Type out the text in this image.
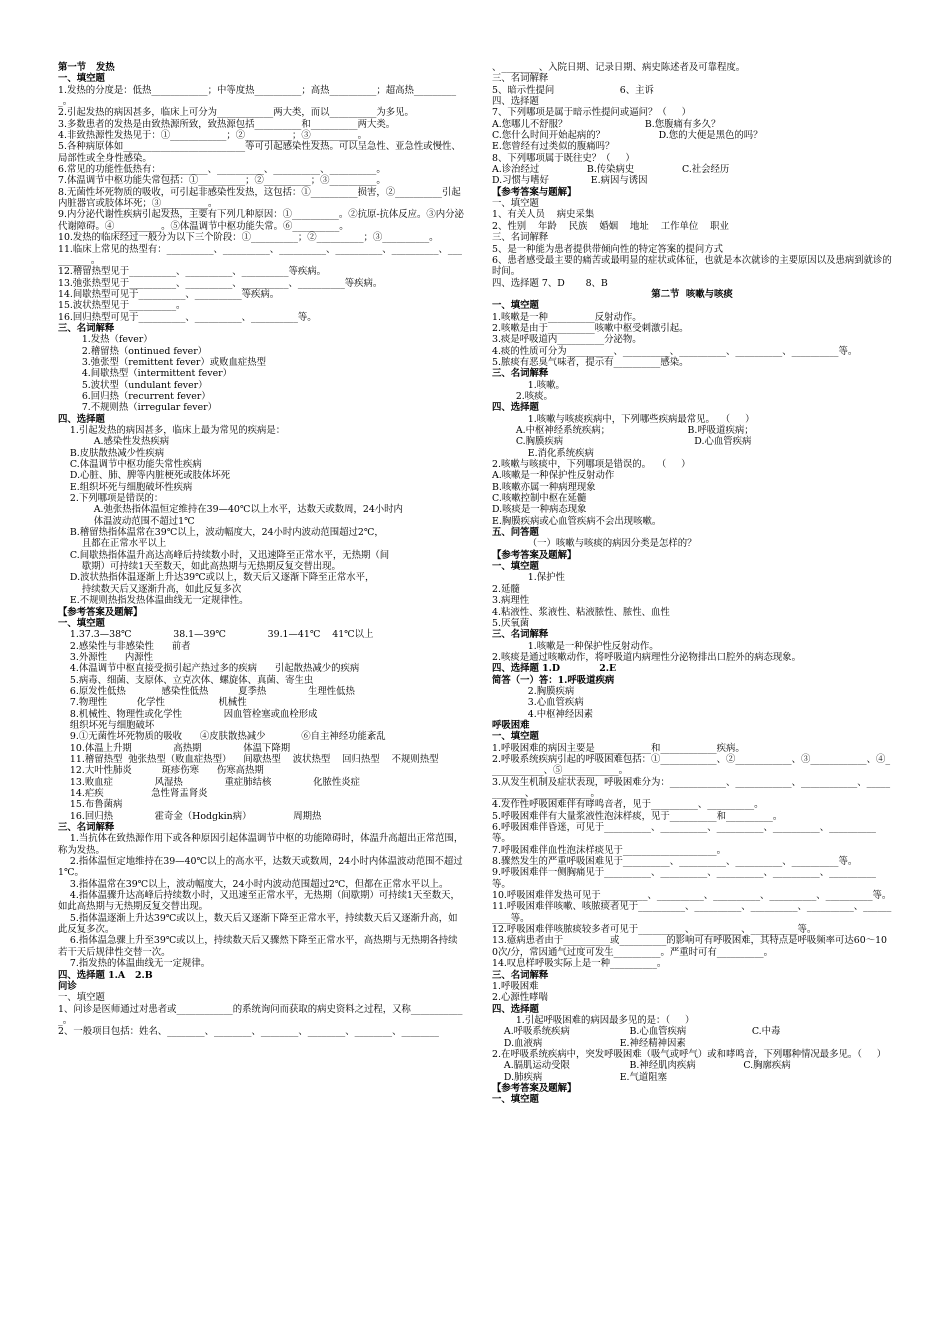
第一节   发热

一、填空题

1.发热的分度是：低热____________；中等度热__________；高热__________；超高热__________。

2.引起发热的病因甚多，临床上可分为____________两大类，而以__________为多见。

3.多数患者的发热是由致热源所致，致热源包括__________和__________两大类。

4.非致热源性发热见于：①____________；②__________；③__________。

5.各种病原体如__________________________等可引起感染性发热。可以呈急性、亚急性或慢性、局部性或全身性感染。

6.常见的功能性低热有：__________、__________、__________、__________。

7.体温调节中枢功能失常包括：①__________；②__________；③__________。

8.无菌性坏死物质的吸收，可引起非感染性发热，这包括：①__________损害，②__________引起内脏器官或肢体坏死；③__________。

9.内分泌代谢性疾病引起发热，主要有下列几种原因：①__________。②抗原-抗体反应。③内分泌代谢障碍。④__________。⑤体温调节中枢功能失常。⑥__________。

10.发热的临床经过一般分为以下三个阶段：①__________；②__________；③__________。

11.临床上常见的热型有：__________、__________、__________、__________、__________、__________。

12.稽留热型见于__________、__________、__________等疾病。

13.弛张热型见于__________、__________、__________、__________等疾病。

14.间歇热型可见于__________、__________等疾病。

15.波状热型见于__________。

16.回归热型可见于__________、__________、__________等。

三、名词解释

1.发热（fever）

2.稽留热（ontinued fever）

3.弛张型（remittent fever）或败血症热型

4.间歇热型（intermittent fever）

5.波状型（undulant fever）

6.回归热（recurrent fever）

7.不规则热（irregular fever）

四、选择题

1.引起发热的病因甚多，临床上最为常见的疾病是：

A.感染性发热疾病

B.皮肤散热减少性疾病

C.体温调节中枢功能失常性疾病

D.心脏、肺、脾等内脏梗死或肢体坏死

E.组织坏死与细胞破坏性疾病

2.下列哪项是错误的：

A.弛张热指体温恒定维持在39—40℃以上水平，达数天或数周，24小时内

体温波动范围不超过1℃

B.稽留热指体温常在39℃以上，波动幅度大，24小时内波动范围超过2℃，

且都在正常水平以上

C.间歇热指体温升高达高峰后持续数小时，又迅速降至正常水平，无热期（间

歇期）可持续1天至数天，如此高热期与无热期反复交替出现。

D.波状热指体温逐渐上升达39℃或以上，数天后又逐渐下降至正常水平，

持续数天后又逐渐升高，如此反复多次

E.不规则热指发热体温曲线无一定规律性。

【参考答案及题解】

一、填空题

1.37.3—38℃              38.1—39℃              39.1—41℃    41℃以上

2.感染性与非感染性      前者

3.外源性      内源性

4.体温调节中枢直接受损引起产热过多的疾病      引起散热减少的疾病

5.病毒、细菌、支原体、立克次体、螺旋体、真菌、寄生虫

6.原发性低热            感染性低热          夏季热              生理性低热

7.物理性          化学性                  机械性

8.机械性、物理性或化学性              因血管栓塞或血栓形成

组织坏死与细胞破坏

9.①无菌性坏死物质的吸收      ④皮肤散热减少            ⑥自主神经功能紊乱

10.体温上升期              高热期              体温下降期

11.稽留热型  弛张热型（败血症热型）    间歇热型    波状热型    回归热型    不规则热型

12.大叶性肺炎          斑疹伤寒      伤寒高热期

13.败血症              风湿热              重症肺结核              化脓性炎症

14.疟疾                急性肾盂肾炎

15.布鲁菌病

16.回归热              霍奇金（Hodgkin病）              周期热

三、名词解释

1.当抗体在致热源作用下或各种原因引起体温调节中枢的功能障碍时，体温升高超出正常范围，称为发热。

2.指体温恒定地维持在39—40℃以上的高水平，达数天或数周，24小时内体温波动范围不超过1℃。

3.指体温常在39℃以上，波动幅度大，24小时内波动范围超过2℃，但都在正常水平以上。

4.指体温骤升达高峰后持续数小时，又迅速至正常水平，无热期（间歇期）可持续1天至数天，如此高热期与无热期反复交替出现。

5.指体温逐渐上升达39℃或以上，数天后又逐渐下降至正常水平，持续数天后又逐渐升高，如此反复多次。

6.指体温急骤上升至39℃或以上，持续数天后又骤然下降至正常水平，高热期与无热期各持续若干天后规律性交替一次。

7.指发热的体温曲线无一定规律。

四、选择题 1.A   2.B

问诊

一、填空题

1、问诊是医师通过对患者或____________的系统询问而获取的病史资料之过程，又称____________。

2、一般项目包括：姓名、________、________、________、________、________、________

、________、入院日期、记录日期、病史陈述者及可靠程度。

三、名词解释

5、暗示性提问                      6、主诉

四、选择题

7、下列哪项是属于暗示性提问或逼问？（     ）

A.您哪儿不舒服？                          B.您腹痛有多久？

C.您什么时间开始起病的？                  D.您的大便是黑色的吗？

E.您曾经有过类似的腹痛吗？

8、下列哪项属于既往史？（     ）

A.诊治经过                B.传染病史                C.社会经历

D.习惯与嗜好              E.病因与诱因

【参考答案与题解】

一、填空题

1、有关人员    病史采集

2、性别    年龄    民族    婚姻    地址    工作单位    职业

三、名词解释

5、是一种能为患者提供带倾向性的特定答案的提问方式

6、患者感受最主要的痛苦或最明显的症状或体征，也就是本次就诊的主要原因以及患病到就诊的时间。

四、选择题 7、D       8、B

第二节  咳嗽与咳痰

一、填空题

1.咳嗽是一种__________反射动作。

2.咳嗽是由于__________咳嗽中枢受刺激引起。

3.痰是呼吸道内__________分泌物。

4.痰的性质可分为__________、__________、__________、__________、__________等。

5.脓痰有恶臭气味者，提示有__________感染。

三、名词解释

1.咳嗽。

2.咳痰。

四、选择题

1.咳嗽与咳痰疾病中，下列哪些疾病最常见。  （     ）

A.中枢神经系统疾病；                          B.呼吸道疾病；

C.胸膜疾病                                            D.心血管疾病

E.消化系统疾病

2.咳嗽与咳痰中，下列哪项是错误的。  （     ）

A.咳嗽是一种保护性反射动作

B.咳嗽亦属一种病理现象

C.咳嗽控制中枢在延髓

D.咳痰是一种病态现象

E.胸膜疾病或心血管疾病不会出现咳嗽。

五、问答题

（一）咳嗽与咳痰的病因分类是怎样的？

【参考答案及题解】

一、填空题

1.保护性

2.延髓

3.病理性

4.粘液性、浆液性、粘液脓性、脓性、血性

5.厌氧菌

三、名词解释

1.咳嗽是一种保护性反射动作。

2.咳痰是通过咳嗽动作，将呼吸道内病理性分泌物排出口腔外的病态现象。

四、选择题 1.D            2.E

简答（一）答：1.呼吸道疾病

2.胸膜疾病

3.心血管疾病

4.中枢神经因素

呼吸困难

一、填空题

1.呼吸困难的病因主要是____________和____________疾病。

2.呼吸系统疾病引起的呼吸困难包括：①____________、②____________、③____________、④____________、⑤____________。

3.从发生机制及症状表现，呼吸困难分为：____________、____________、____________、____________、____________。

4.发作性呼吸困难伴有哮鸣音者，见于__________、__________。

5.呼吸困难伴有大量浆液性泡沫样痰，见于__________和__________。

6.呼吸困难伴昏迷，可见于__________、__________、__________、__________、__________等。

7.呼吸困难伴血性泡沫样痰见于____________________。

8.骤然发生的严重呼吸困难见于__________、__________、__________、__________等。

9.呼吸困难伴一侧胸痛见于__________、__________、__________、__________、__________等。

10.呼吸困难伴发热可见于__________、__________、__________、__________、__________等。

11.呼吸困难伴咳嗽、咳脓痰者见于__________、__________、__________、__________、__________等。

12.呼吸困难伴咳脓痰较多者可见于__________、__________、__________等。

13.癔病患者由于__________或__________的影响可有呼吸困难，其特点是呼吸频率可达60～100次/分，常因通气过度可发生__________。严重时可有__________。

14.叹息样呼吸实际上是一种__________。

三、名词解释

1.呼吸困难

2.心源性哮喘

四、选择题

1.引起呼吸困难的病因最多见的是：（     ）

A.呼吸系统疾病                    B.心血管疾病                      C.中毒

D.血液病                          E.神经精神因素

2.在呼吸系统疾病中，突发呼吸困难（吸气或呼气）或和哮鸣音，下列哪种情况最多见。（     ）

A.膈肌运动受限                    B.神经肌肉疾病                C.胸廓疾病

D.肺疾病                          E.气道阻塞

【参考答案及题解】

一、填空题
